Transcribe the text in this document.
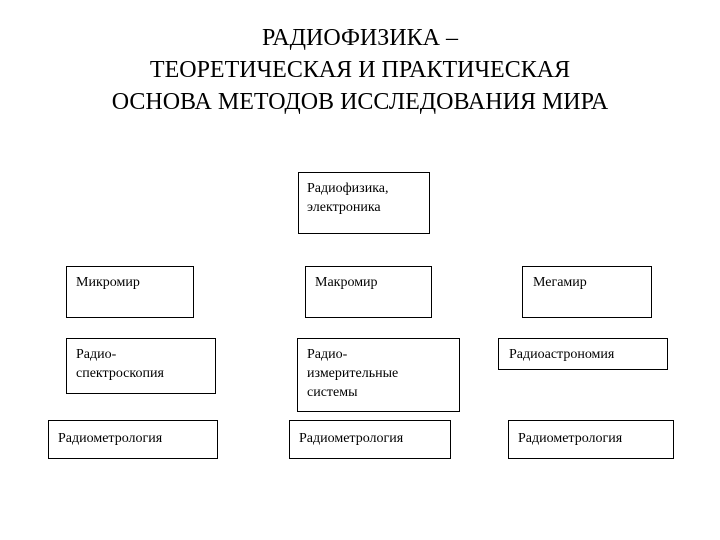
РАДИОФИЗИКА –
ТЕОРЕТИЧЕСКАЯ И ПРАКТИЧЕСКАЯ
ОСНОВА МЕТОДОВ ИССЛЕДОВАНИЯ МИРА
Радиофизика,
электроника
Микромир	Макромир	Мегамир
Радио-
спектроскопия
Радио-
измерительные
системы
Радиоастрономия
Радиометрология	Радиометрология	Радиометрология
